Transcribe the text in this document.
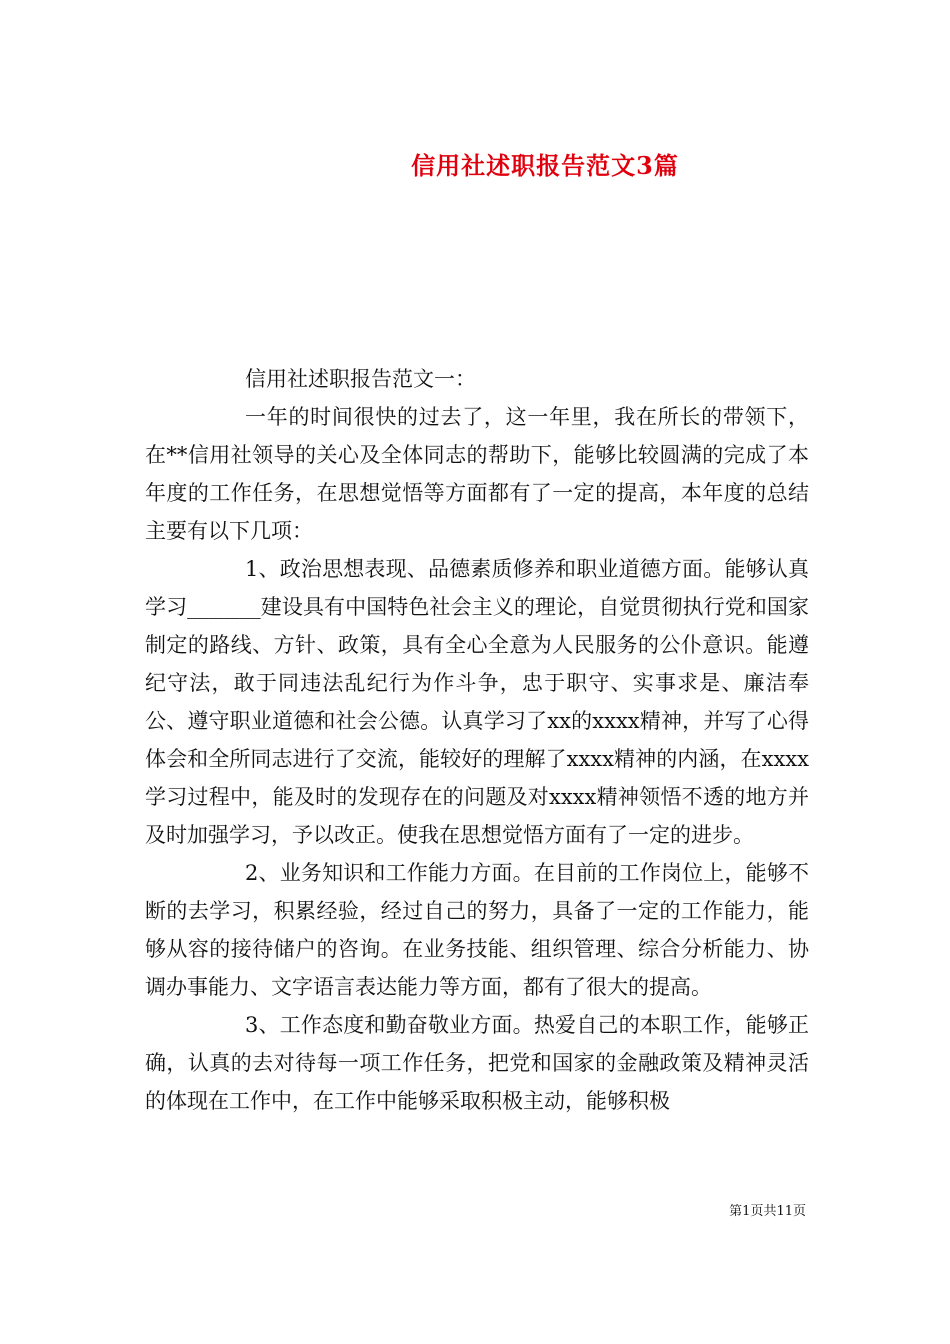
信用社述职报告范文3篇

信用社述职报告范文一：

一年的时间很快的过去了，这一年里，我在所长的带领下，在**信用社领导的关心及全体同志的帮助下，能够比较圆满的完成了本年度的工作任务，在思想觉悟等方面都有了一定的提高，本年度的总结主要有以下几项：

1、政治思想表现、品德素质修养和职业道德方面。能够认真学习_______建设具有中国特色社会主义的理论，自觉贯彻执行党和国家制定的路线、方针、政策，具有全心全意为人民服务的公仆意识。能遵纪守法，敢于同违法乱纪行为作斗争，忠于职守、实事求是、廉洁奉公、遵守职业道德和社会公德。认真学习了xx的xxxx精神，并写了心得体会和全所同志进行了交流，能较好的理解了xxxx精神的内涵，在xxxx学习过程中，能及时的发现存在的问题及对xxxx精神领悟不透的地方并及时加强学习，予以改正。使我在思想觉悟方面有了一定的进步。

2、业务知识和工作能力方面。在目前的工作岗位上，能够不断的去学习，积累经验，经过自己的努力，具备了一定的工作能力，能够从容的接待储户的咨询。在业务技能、组织管理、综合分析能力、协调办事能力、文字语言表达能力等方面，都有了很大的提高。

3、工作态度和勤奋敬业方面。热爱自己的本职工作，能够正确，认真的去对待每一项工作任务，把党和国家的金融政策及精神灵活的体现在工作中，在工作中能够采取积极主动，能够积极

第1页共11页
